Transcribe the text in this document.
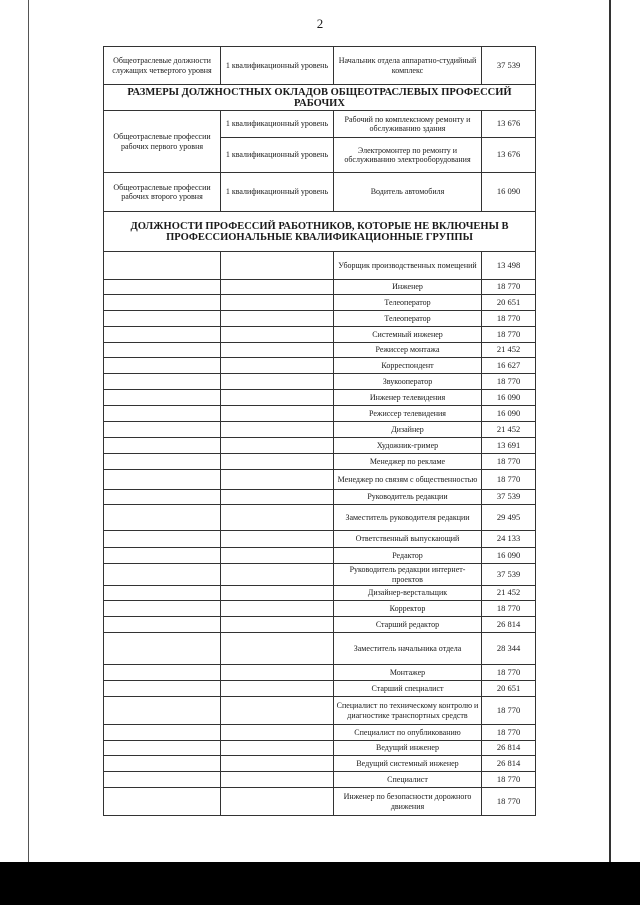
2
Общеотраслевые должности служащих четвертого уровня	1 квалификационный уровень	Начальник отдела аппаратно-студийный комплекс	37 539
РАЗМЕРЫ ДОЛЖНОСТНЫХ ОКЛАДОВ ОБЩЕОТРАСЛЕВЫХ ПРОФЕССИЙ РАБОЧИХ			
Общеотраслевые профессии рабочих первого уровня	1 квалификационный уровень	Рабочий по комплексному ремонту и обслуживанию здания	13 676
	1 квалификационный уровень	Электромонтер по ремонту и обслуживанию электрооборудования	13 676
Общеотраслевые профессии рабочих второго уровня	1 квалификационный уровень	Водитель автомобиля	16 090
ДОЛЖНОСТИ ПРОФЕССИЙ РАБОТНИКОВ, КОТОРЫЕ НЕ ВКЛЮЧЕНЫ В ПРОФЕССИОНАЛЬНЫЕ КВАЛИФИКАЦИОННЫЕ ГРУППЫ			
		Уборщик производственных помещений	13 498
		Инженер	18 770
		Телеоператор	20 651
		Телеоператор	18 770
		Системный инженер	18 770
		Режиссер монтажа	21 452
		Корреспондент	16 627
		Звукооператор	18 770
		Инженер телевидения	16 090
		Режиссер телевидения	16 090
		Дизайнер	21 452
		Художник-гример	13 691
		Менеджер по рекламе	18 770
		Менеджер по связям с общественностью	18 770
		Руководитель редакции	37 539
		Заместитель руководителя редакции	29 495
		Ответственный выпускающий	24 133
		Редактор	16 090
		Руководитель редакции интернет-проектов	37 539
		Дизайнер-верстальщик	21 452
		Корректор	18 770
		Старший редактор	26 814
		Заместитель начальника отдела	28 344
		Монтажер	18 770
		Старший специалист	20 651
		Специалист по техническому контролю и диагностике транспортных средств	18 770
		Специалист по опубликованию	18 770
		Ведущий инженер	26 814
		Ведущий системный инженер	26 814
		Специалист	18 770
		Инженер по безопасности дорожного движения	18 770
